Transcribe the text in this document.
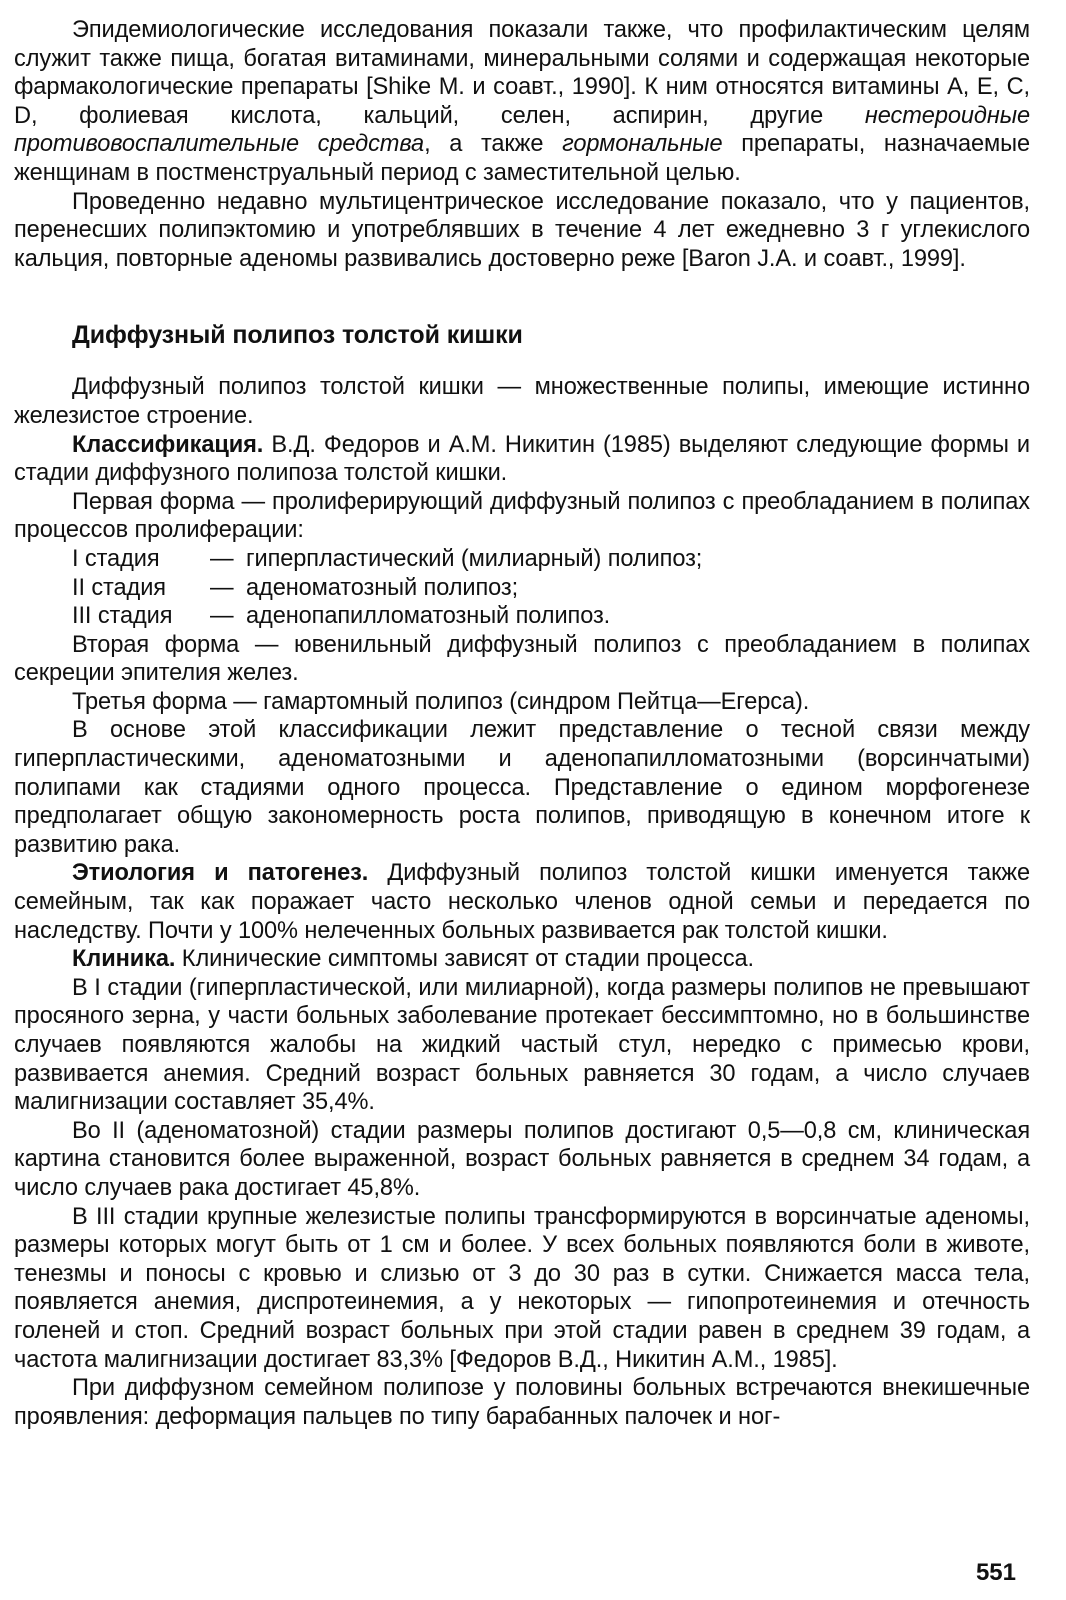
Эпидемиологические исследования показали также, что профилактическим целям служит также пища, богатая витаминами, минеральными солями и содержащая некоторые фармакологические препараты [Shike M. и соавт., 1990]. К ним относятся витамины А, Е, С, D, фолиевая кислота, кальций, селен, аспирин, другие нестероидные противовоспалительные средства, а также гормональные препараты, назначаемые женщинам в постменструальный период с заместительной целью.

Проведенно недавно мультицентрическое исследование показало, что у пациентов, перенесших полипэктомию и употреблявших в течение 4 лет ежедневно 3 г углекислого кальция, повторные аденомы развивались достоверно реже [Baron J.A. и соавт., 1999].

Диффузный полипоз толстой кишки

Диффузный полипоз толстой кишки — множественные полипы, имеющие истинно железистое строение.

Классификация. В.Д. Федоров и А.М. Никитин (1985) выделяют следующие формы и стадии диффузного полипоза толстой кишки.

Первая форма — пролиферирующий диффузный полипоз с преобладанием в полипах процессов пролиферации:

I стадия	— гиперпластический (милиарный) полипоз;
II стадия	— аденоматозный полипоз;
III стадия	— аденопапилломатозный полипоз.

Вторая форма — ювенильный диффузный полипоз с преобладанием в полипах секреции эпителия желез.

Третья форма — гамартомный полипоз (синдром Пейтца—Егерса).

В основе этой классификации лежит представление о тесной связи между гиперпластическими, аденоматозными и аденопапилломатозными (ворсинчатыми) полипами как стадиями одного процесса. Представление о едином морфогенезе предполагает общую закономерность роста полипов, приводящую в конечном итоге к развитию рака.

Этиология и патогенез. Диффузный полипоз толстой кишки именуется также семейным, так как поражает часто несколько членов одной семьи и передается по наследству. Почти у 100% нелеченных больных развивается рак толстой кишки.

Клиника. Клинические симптомы зависят от стадии процесса.

В I стадии (гиперпластической, или милиарной), когда размеры полипов не превышают просяного зерна, у части больных заболевание протекает бессимптомно, но в большинстве случаев появляются жалобы на жидкий частый стул, нередко с примесью крови, развивается анемия. Средний возраст больных равняется 30 годам, а число случаев малигнизации составляет 35,4%.

Во II (аденоматозной) стадии размеры полипов достигают 0,5—0,8 см, клиническая картина становится более выраженной, возраст больных равняется в среднем 34 годам, а число случаев рака достигает 45,8%.

В III стадии крупные железистые полипы трансформируются в ворсинчатые аденомы, размеры которых могут быть от 1 см и более. У всех больных появляются боли в животе, тенезмы и поносы с кровью и слизью от 3 до 30 раз в сутки. Снижается масса тела, появляется анемия, диспротеинемия, а у некоторых — гипопротеинемия и отечность голеней и стоп. Средний возраст больных при этой стадии равен в среднем 39 годам, а частота малигнизации достигает 83,3% [Федоров В.Д., Никитин А.М., 1985].

При диффузном семейном полипозе у половины больных встречаются внекишечные проявления: деформация пальцев по типу барабанных палочек и ног-

551
